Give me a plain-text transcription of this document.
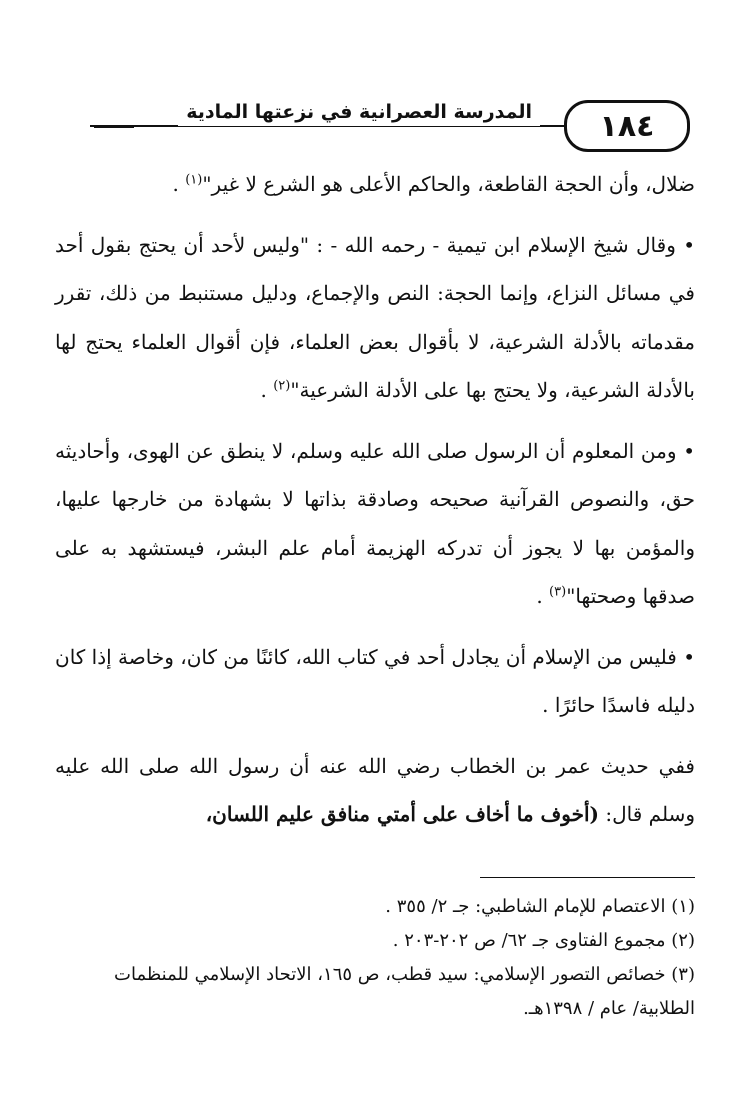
المدرسة العصرانية في نزعتها المادية	١٨٤

ضلال، وأن الحجة القاطعة، والحاكم الأعلى هو الشرع لا غير"$^{(١)}$ .

• وقال شيخ الإسلام ابن تيمية - رحمه الله - : "وليس لأحد أن يحتج بقول أحد في مسائل النزاع، وإنما الحجة: النص والإجماع، ودليل مستنبط من ذلك، تقرر مقدماته بالأدلة الشرعية، لا بأقوال بعض العلماء، فإن أقوال العلماء يحتج لها بالأدلة الشرعية، ولا يحتج بها على الأدلة الشرعية"$^{(٢)}$ .

• ومن المعلوم أن الرسول صلى الله عليه وسلم، لا ينطق عن الهوى، وأحاديثه حق، والنصوص القرآنية صحيحه وصادقة بذاتها لا بشهادة من خارجها عليها، والمؤمن بها لا يجوز أن تدركه الهزيمة أمام علم البشر، فيستشهد به على صدقها وصحتها"$^{(٣)}$ .

• فليس من الإسلام أن يجادل أحد في كتاب الله، كائنًا من كان، وخاصة إذا كان دليله فاسدًا حائرًا .

ففي حديث عمر بن الخطاب رضي الله عنه أن رسول الله صلى الله عليه وسلم قال: (أخوف ما أخاف على أمتي منافق عليم اللسان،

(١) الاعتصام للإمام الشاطبي: جـ ٢/ ٣٥٥ .

(٢) مجموع الفتاوى جـ ٦٢/ ص ٢٠٢-٢٠٣ .

(٣) خصائص التصور الإسلامي: سيد قطب، ص ١٦٥، الاتحاد الإسلامي للمنظمات الطلابية/ عام / ١٣٩٨هـ.
